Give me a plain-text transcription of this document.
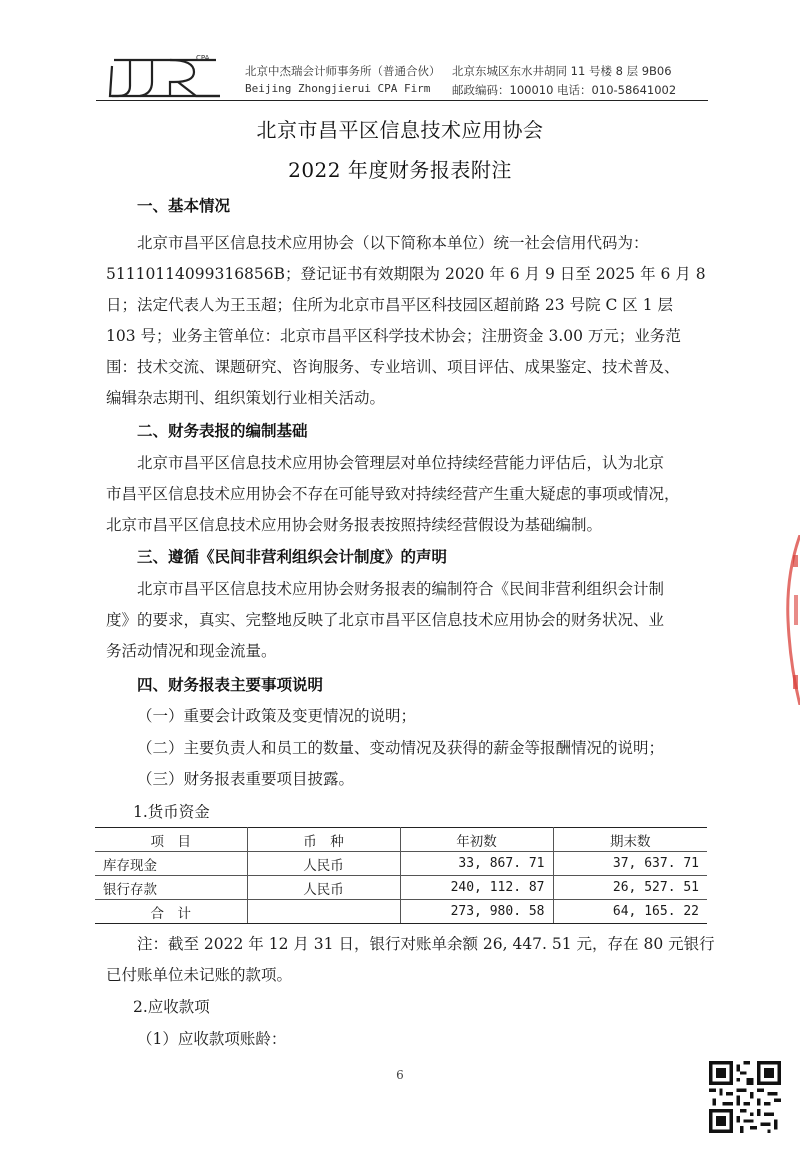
CPA
北京中杰瑞会计师事务所（普通合伙）
Beijing Zhongjierui CPA Firm
北京东城区东水井胡同 11 号楼 8 层 9B06
邮政编码：100010 电话：010-58641002
北京市昌平区信息技术应用协会
2022 年度财务报表附注
一、基本情况
北京市昌平区信息技术应用协会（以下简称本单位）统一社会信用代码为：
51110114099316856B；登记证书有效期限为 2020 年 6 月 9 日至 2025 年 6 月 8
日；法定代表人为王玉超；住所为北京市昌平区科技园区超前路 23 号院 C 区 1 层
103 号；业务主管单位：北京市昌平区科学技术协会；注册资金 3.00 万元；业务范
围：技术交流、课题研究、咨询服务、专业培训、项目评估、成果鉴定、技术普及、
编辑杂志期刊、组织策划行业相关活动。
二、财务表报的编制基础
北京市昌平区信息技术应用协会管理层对单位持续经营能力评估后，认为北京
市昌平区信息技术应用协会不存在可能导致对持续经营产生重大疑虑的事项或情况，
北京市昌平区信息技术应用协会财务报表按照持续经营假设为基础编制。
三、遵循《民间非营利组织会计制度》的声明
北京市昌平区信息技术应用协会财务报表的编制符合《民间非营利组织会计制
度》的要求，真实、完整地反映了北京市昌平区信息技术应用协会的财务状况、业
务活动情况和现金流量。
四、财务报表主要事项说明
（一）重要会计政策及变更情况的说明；
（二）主要负责人和员工的数量、变动情况及获得的薪金等报酬情况的说明；
（三）财务报表重要项目披露。
1.货币资金
项　目	币　种	年初数	期末数
库存现金	人民币	33, 867. 71	37, 637. 71
银行存款	人民币	240, 112. 87	26, 527. 51
合　计		273, 980. 58	64, 165. 22
注：截至 2022 年 12 月 31 日，银行对账单余额 26, 447. 51 元，存在 80 元银行
已付账单位未记账的款项。
2.应收款项
（1）应收款项账龄：
6
